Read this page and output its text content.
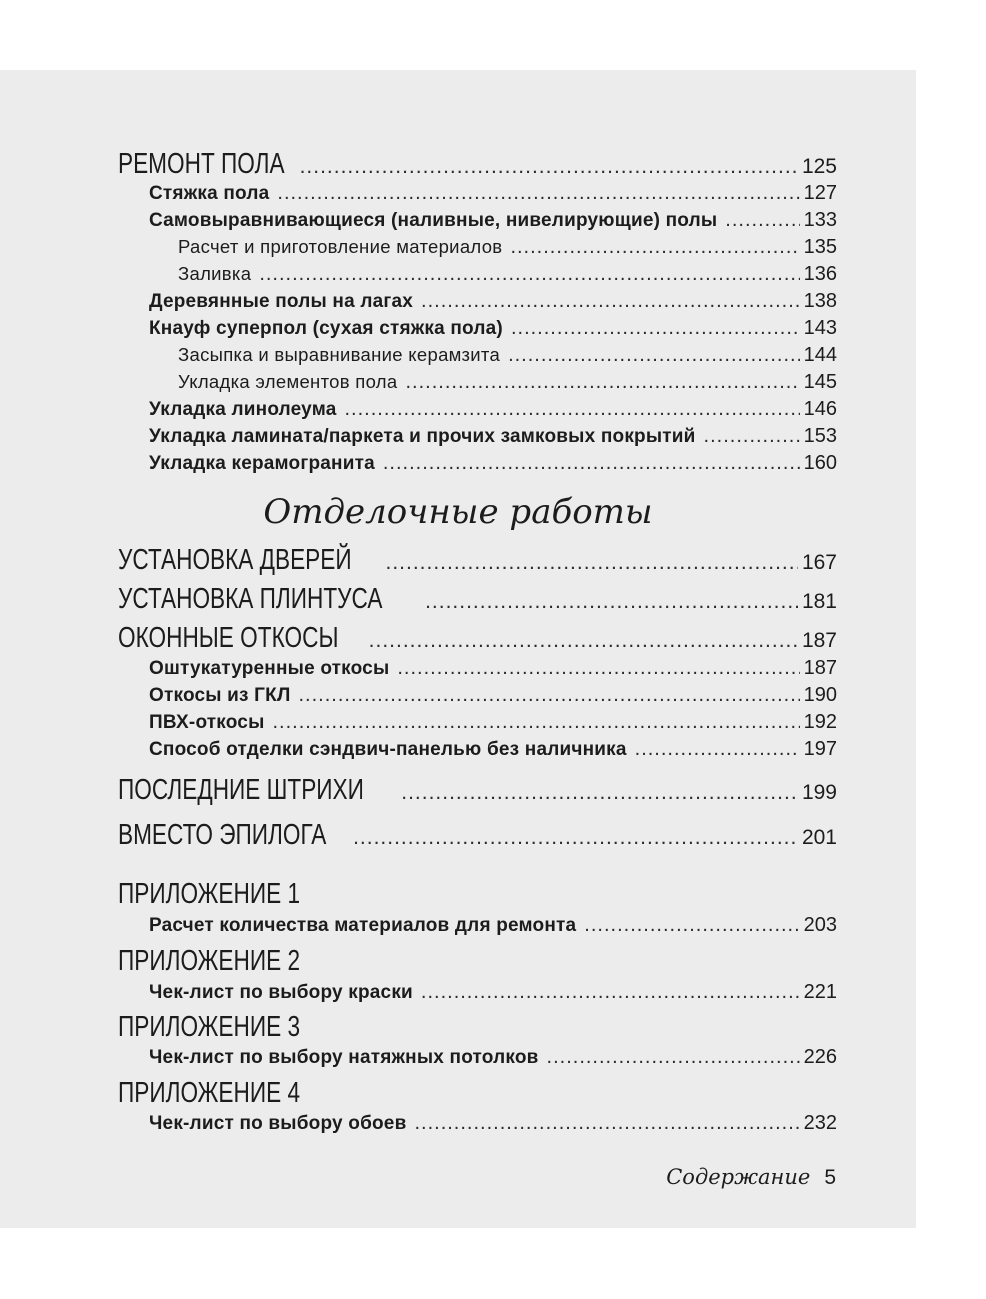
РЕМОНТ ПОЛА .....	125
Стяжка пола .....	127
Самовыравнивающиеся (наливные, нивелирующие) полы .....	133
Расчет и приготовление материалов .....	135
Заливка .....	136
Деревянные полы на лагах .....	138
Кнауф суперпол (сухая стяжка пола) .....	143
Засыпка и выравнивание керамзита .....	144
Укладка элементов пола .....	145
Укладка линолеума .....	146
Укладка ламината/паркета и прочих замковых покрытий .....	153
Укладка керамогранита .....	160
Отделочные работы
УСТАНОВКА ДВЕРЕЙ .....	167
УСТАНОВКА ПЛИНТУСА .....	181
ОКОННЫЕ ОТКОСЫ .....	187
Оштукатуренные откосы .....	187
Откосы из ГКЛ .....	190
ПВХ-откосы .....	192
Способ отделки сэндвич-панелью без наличника .....	197
ПОСЛЕДНИЕ ШТРИХИ .....	199
ВМЕСТО ЭПИЛОГА .....	201
ПРИЛОЖЕНИЕ 1
Расчет количества материалов для ремонта .....	203
ПРИЛОЖЕНИЕ 2
Чек-лист по выбору краски .....	221
ПРИЛОЖЕНИЕ 3
Чек-лист по выбору натяжных потолков .....	226
ПРИЛОЖЕНИЕ 4
Чек-лист по выбору обоев .....	232
Содержание 5
